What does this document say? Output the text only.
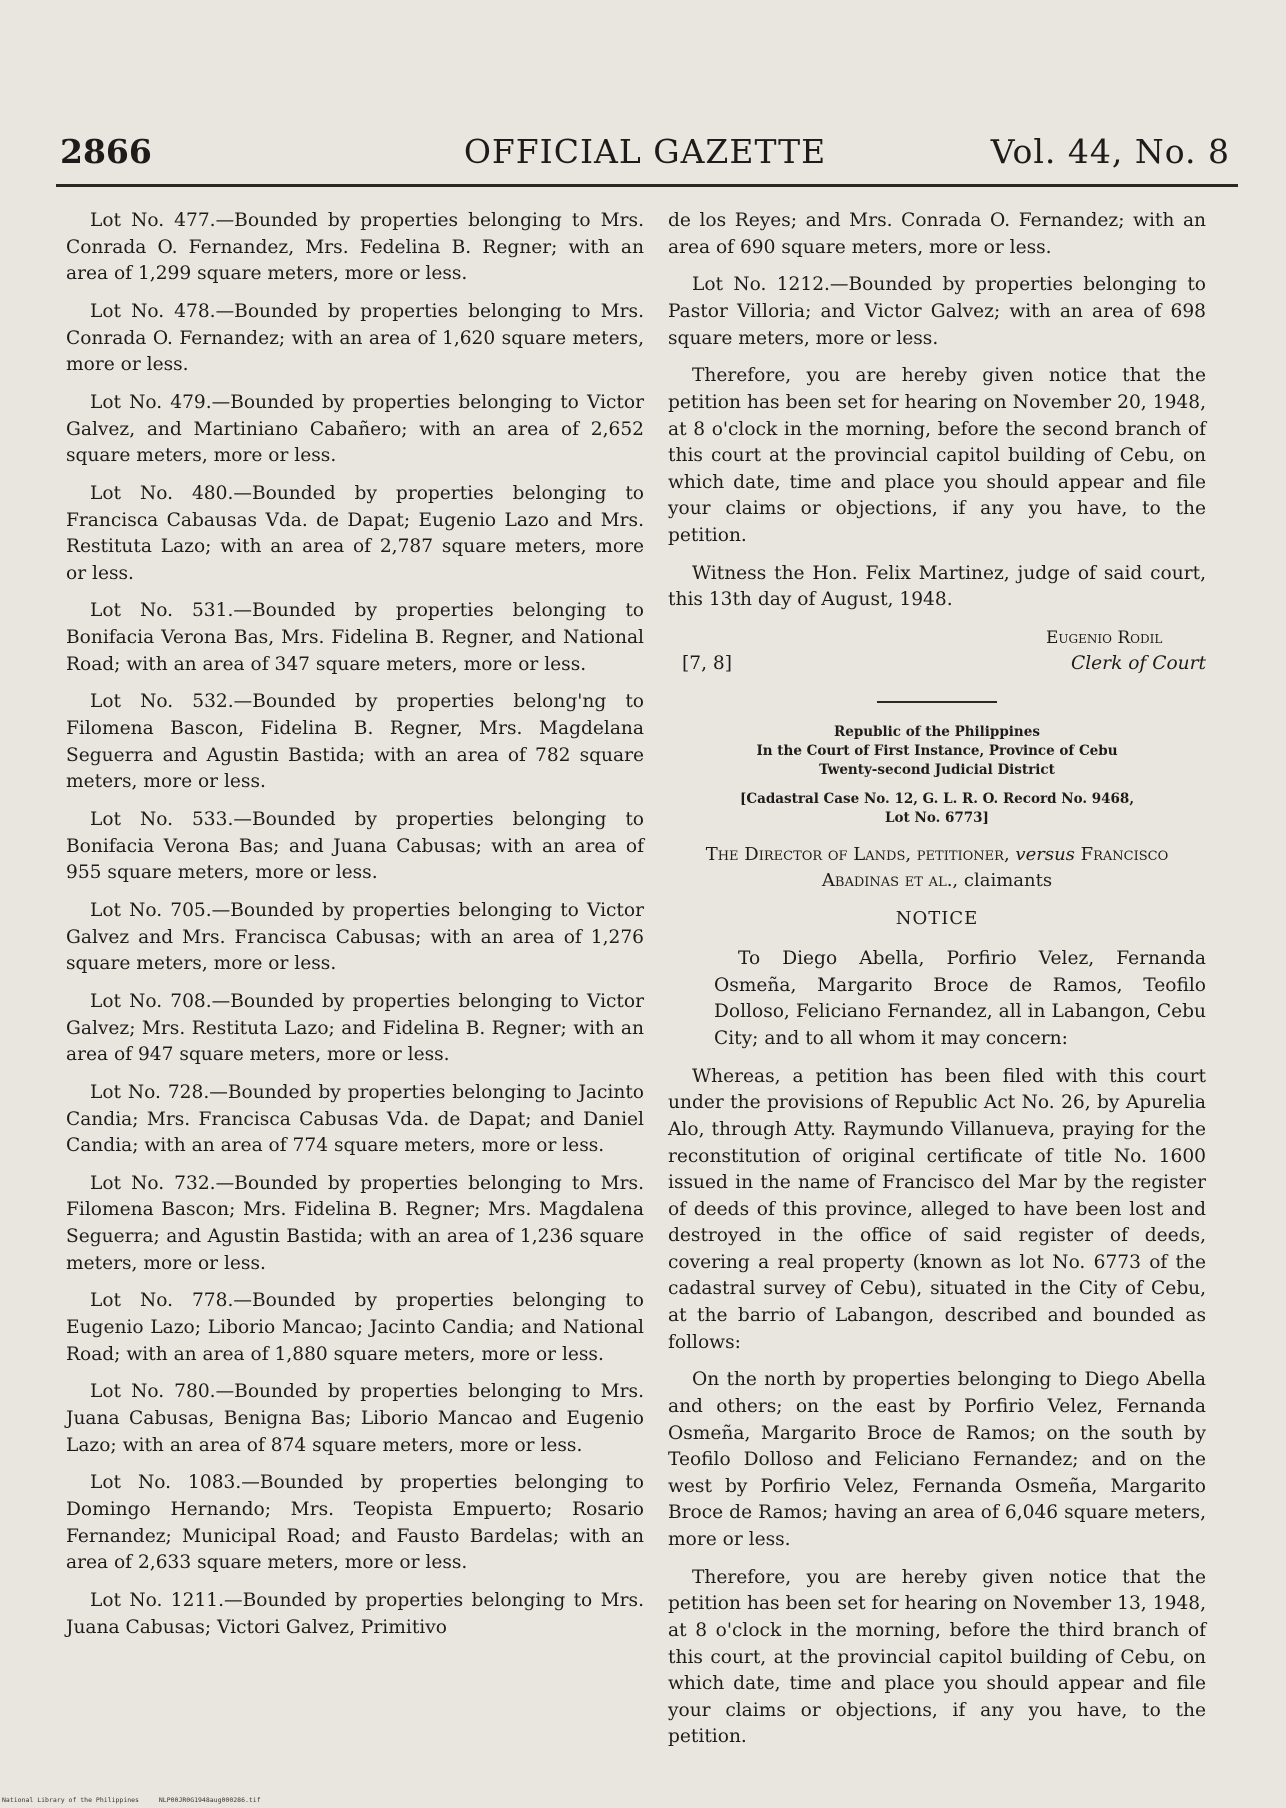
2866	OFFICIAL GAZETTE	Vol. 44, No. 8

Lot No. 477.—Bounded by properties belonging to Mrs. Conrada O. Fernandez, Mrs. Fedelina B. Regner; with an area of 1,299 square meters, more or less.

Lot No. 478.—Bounded by properties belonging to Mrs. Conrada O. Fernandez; with an area of 1,620 square meters, more or less.

Lot No. 479.—Bounded by properties belonging to Victor Galvez, and Martiniano Cabañero; with an area of 2,652 square meters, more or less.

Lot No. 480.—Bounded by properties belonging to Francisca Cabausas Vda. de Dapat; Eugenio Lazo and Mrs. Restituta Lazo; with an area of 2,787 square meters, more or less.

Lot No. 531.—Bounded by properties belonging to Bonifacia Verona Bas, Mrs. Fidelina B. Regner, and National Road; with an area of 347 square meters, more or less.

Lot No. 532.—Bounded by properties belong'ng to Filomena Bascon, Fidelina B. Regner, Mrs. Magdelana Seguerra and Agustin Bastida; with an area of 782 square meters, more or less.

Lot No. 533.—Bounded by properties belonging to Bonifacia Verona Bas; and Juana Cabusas; with an area of 955 square meters, more or less.

Lot No. 705.—Bounded by properties belonging to Victor Galvez and Mrs. Francisca Cabusas; with an area of 1,276 square meters, more or less.

Lot No. 708.—Bounded by properties belonging to Victor Galvez; Mrs. Restituta Lazo; and Fidelina B. Regner; with an area of 947 square meters, more or less.

Lot No. 728.—Bounded by properties belonging to Jacinto Candia; Mrs. Francisca Cabusas Vda. de Dapat; and Daniel Candia; with an area of 774 square meters, more or less.

Lot No. 732.—Bounded by properties belonging to Mrs. Filomena Bascon; Mrs. Fidelina B. Regner; Mrs. Magdalena Seguerra; and Agustin Bastida; with an area of 1,236 square meters, more or less.

Lot No. 778.—Bounded by properties belonging to Eugenio Lazo; Liborio Mancao; Jacinto Candia; and National Road; with an area of 1,880 square meters, more or less.

Lot No. 780.—Bounded by properties belonging to Mrs. Juana Cabusas, Benigna Bas; Liborio Mancao and Eugenio Lazo; with an area of 874 square meters, more or less.

Lot No. 1083.—Bounded by properties belonging to Domingo Hernando; Mrs. Teopista Empuerto; Rosario Fernandez; Municipal Road; and Fausto Bardelas; with an area of 2,633 square meters, more or less.

Lot No. 1211.—Bounded by properties belonging to Mrs. Juana Cabusas; Victori Galvez, Primitivo

de los Reyes; and Mrs. Conrada O. Fernandez; with an area of 690 square meters, more or less.

Lot No. 1212.—Bounded by properties belonging to Pastor Villoria; and Victor Galvez; with an area of 698 square meters, more or less.

Therefore, you are hereby given notice that the petition has been set for hearing on November 20, 1948, at 8 o'clock in the morning, before the second branch of this court at the provincial capitol building of Cebu, on which date, time and place you should appear and file your claims or objections, if any you have, to the petition.

Witness the Hon. Felix Martinez, judge of said court, this 13th day of August, 1948.

Eugenio Rodil
[7, 8]	Clerk of Court
Republic of the Philippines
In the Court of First Instance, Province of Cebu
Twenty-second Judicial District
[Cadastral Case No. 12, G. L. R. O. Record No. 9468,
Lot No. 6773]
The Director of Lands, petitioner, versus Francisco Abadinas et al., claimants
NOTICE

To Diego Abella, Porfirio Velez, Fernanda Osmeña, Margarito Broce de Ramos, Teofilo Dolloso, Feliciano Fernandez, all in Labangon, Cebu City; and to all whom it may concern:

Whereas, a petition has been filed with this court under the provisions of Republic Act No. 26, by Apurelia Alo, through Atty. Raymundo Villanueva, praying for the reconstitution of original certificate of title No. 1600 issued in the name of Francisco del Mar by the register of deeds of this province, alleged to have been lost and destroyed in the office of said register of deeds, covering a real property (known as lot No. 6773 of the cadastral survey of Cebu), situated in the City of Cebu, at the barrio of Labangon, described and bounded as follows:

On the north by properties belonging to Diego Abella and others; on the east by Porfirio Velez, Fernanda Osmeña, Margarito Broce de Ramos; on the south by Teofilo Dolloso and Feliciano Fernandez; and on the west by Porfirio Velez, Fernanda Osmeña, Margarito Broce de Ramos; having an area of 6,046 square meters, more or less.

Therefore, you are hereby given notice that the petition has been set for hearing on November 13, 1948, at 8 o'clock in the morning, before the third branch of this court, at the provincial capitol building of Cebu, on which date, time and place you should appear and file your claims or objections, if any you have, to the petition.

National Library of the Philippines	NLP00JR0G1948aug000286.tif
